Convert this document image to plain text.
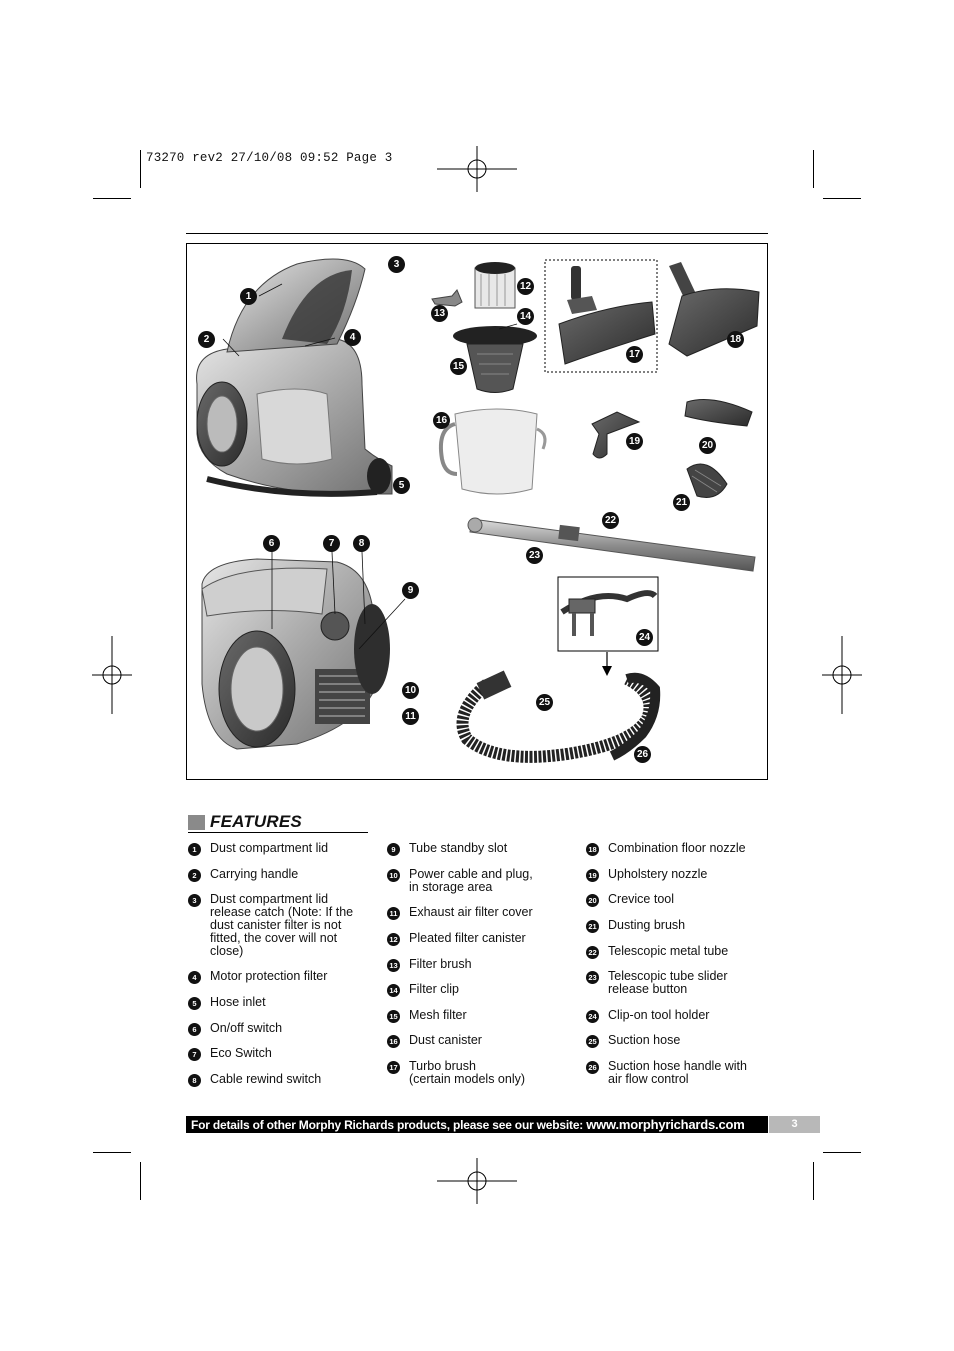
73270 rev2 27/10/08 09:52 Page 3
1
2
3
4
5
6	7	8
9
10
11
12
13	14
15
16
17
18
19	20
21
22
23
24
25
26
FEATURES
1	Dust compartment lid
2	Carrying handle
3	Dust compartment lid
release catch (Note: If the
dust canister filter is not
fitted, the cover will not
close)
4	Motor protection filter
5	Hose inlet
6	On/off switch
7	Eco Switch
8	Cable rewind switch
9	Tube standby slot
10 Power cable and plug,
in storage area
11 Exhaust air filter cover
12 Pleated filter canister
13 Filter brush
14 Filter clip
15 Mesh filter
16 Dust canister
17 Turbo brush
(certain models only)
18 Combination floor nozzle
19 Upholstery nozzle
20 Crevice tool
21 Dusting brush
22 Telescopic metal tube
23 Telescopic tube slider
release button
24 Clip-on tool holder
25 Suction hose
26 Suction hose handle with
air flow control
For details of other Morphy Richards products, please see our website: www.morphyrichards.com	3
